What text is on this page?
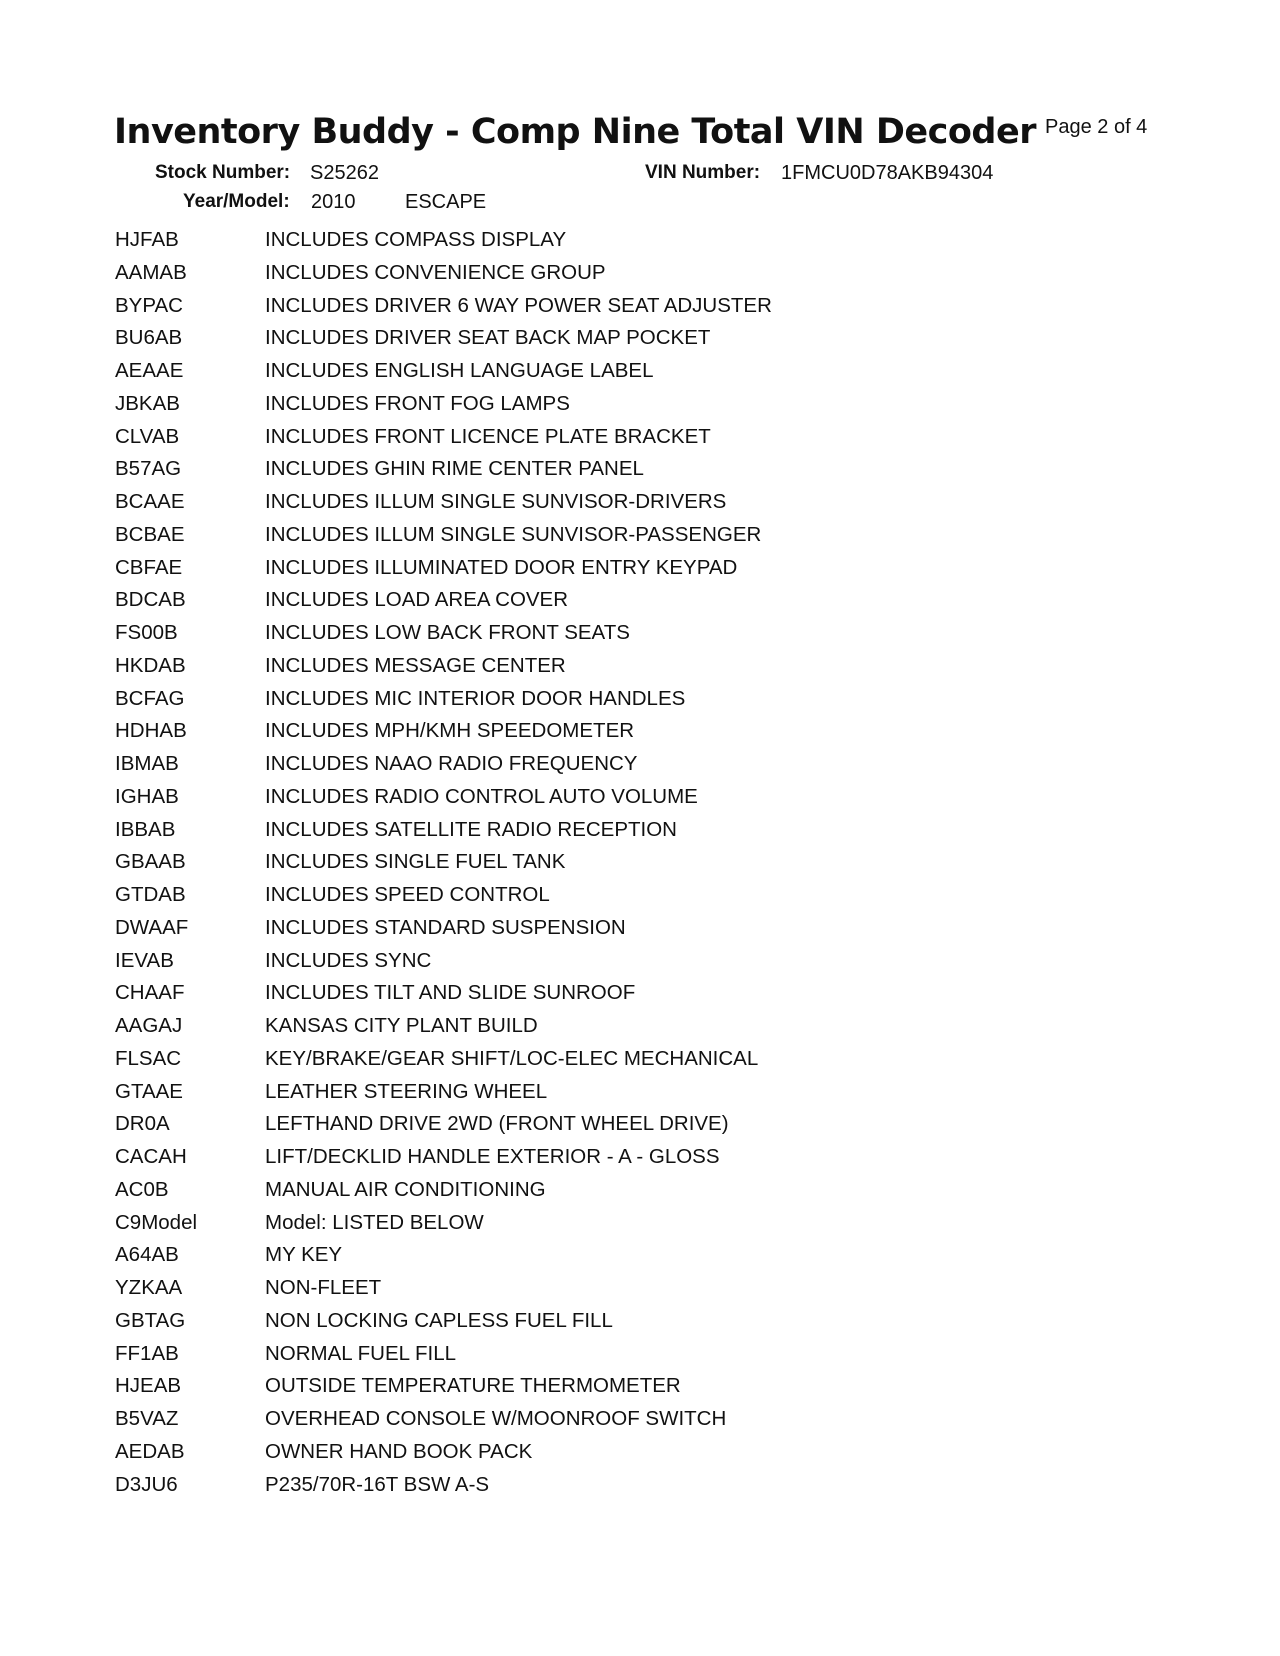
Inventory Buddy - Comp Nine Total VIN Decoder Page 2 of 4
Stock Number: S25262	VIN Number: 1FMCU0D78AKB94304
Year/Model: 2010 ESCAPE
HJFAB	INCLUDES COMPASS DISPLAY
AAMAB	INCLUDES CONVENIENCE GROUP
BYPAC	INCLUDES DRIVER 6 WAY POWER SEAT ADJUSTER
BU6AB	INCLUDES DRIVER SEAT BACK MAP POCKET
AEAAE	INCLUDES ENGLISH LANGUAGE LABEL
JBKAB	INCLUDES FRONT FOG LAMPS
CLVAB	INCLUDES FRONT LICENCE PLATE BRACKET
B57AG	INCLUDES GHIN RIME CENTER PANEL
BCAAE	INCLUDES ILLUM SINGLE SUNVISOR-DRIVERS
BCBAE	INCLUDES ILLUM SINGLE SUNVISOR-PASSENGER
CBFAE	INCLUDES ILLUMINATED DOOR ENTRY KEYPAD
BDCAB	INCLUDES LOAD AREA COVER
FS00B	INCLUDES LOW BACK FRONT SEATS
HKDAB	INCLUDES MESSAGE CENTER
BCFAG	INCLUDES MIC INTERIOR DOOR HANDLES
HDHAB	INCLUDES MPH/KMH SPEEDOMETER
IBMAB	INCLUDES NAAO RADIO FREQUENCY
IGHAB	INCLUDES RADIO CONTROL AUTO VOLUME
IBBAB	INCLUDES SATELLITE RADIO RECEPTION
GBAAB	INCLUDES SINGLE FUEL TANK
GTDAB	INCLUDES SPEED CONTROL
DWAAF	INCLUDES STANDARD SUSPENSION
IEVAB	INCLUDES SYNC
CHAAF	INCLUDES TILT AND SLIDE SUNROOF
AAGAJ	KANSAS CITY PLANT BUILD
FLSAC	KEY/BRAKE/GEAR SHIFT/LOC-ELEC MECHANICAL
GTAAE	LEATHER STEERING WHEEL
DR0A	LEFTHAND DRIVE 2WD (FRONT WHEEL DRIVE)
CACAH	LIFT/DECKLID HANDLE EXTERIOR - A - GLOSS
AC0B	MANUAL AIR CONDITIONING
C9Model	Model: LISTED BELOW
A64AB	MY KEY
YZKAA	NON-FLEET
GBTAG	NON LOCKING CAPLESS FUEL FILL
FF1AB	NORMAL FUEL FILL
HJEAB	OUTSIDE TEMPERATURE THERMOMETER
B5VAZ	OVERHEAD CONSOLE W/MOONROOF SWITCH
AEDAB	OWNER HAND BOOK PACK
D3JU6	P235/70R-16T BSW A-S
